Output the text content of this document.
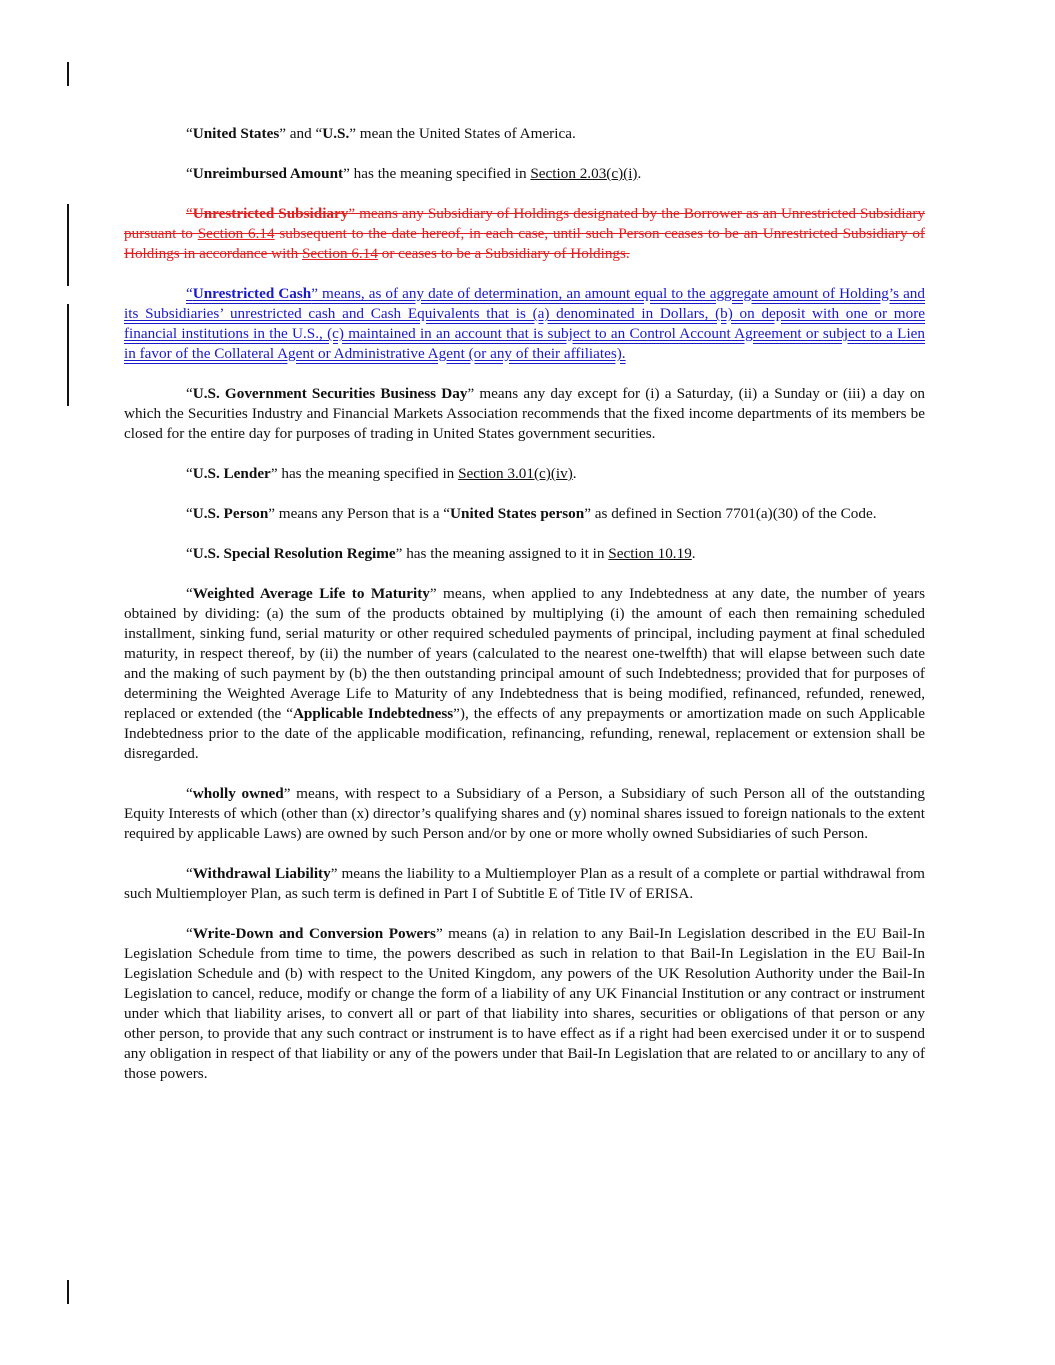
“United States” and “U.S.” mean the United States of America.

“Unreimbursed Amount” has the meaning specified in Section 2.03(c)(i).

“Unrestricted Subsidiary” means any Subsidiary of Holdings designated by the Borrower as an Unrestricted Subsidiary pursuant to Section 6.14 subsequent to the date hereof, in each case, until such Person ceases to be an Unrestricted Subsidiary of Holdings in accordance with Section 6.14 or ceases to be a Subsidiary of Holdings.

“Unrestricted Cash” means, as of any date of determination, an amount equal to the aggregate amount of Holding’s and its Subsidiaries’ unrestricted cash and Cash Equivalents that is (a) denominated in Dollars, (b) on deposit with one or more financial institutions in the U.S., (c) maintained in an account that is subject to an Control Account Agreement or subject to a Lien in favor of the Collateral Agent or Administrative Agent (or any of their affiliates).

“U.S. Government Securities Business Day” means any day except for (i) a Saturday, (ii) a Sunday or (iii) a day on which the Securities Industry and Financial Markets Association recommends that the fixed income departments of its members be closed for the entire day for purposes of trading in United States government securities.

“U.S. Lender” has the meaning specified in Section 3.01(c)(iv).

“U.S. Person” means any Person that is a “United States person” as defined in Section 7701(a)(30) of the Code.

“U.S. Special Resolution Regime” has the meaning assigned to it in Section 10.19.

“Weighted Average Life to Maturity” means, when applied to any Indebtedness at any date, the number of years obtained by dividing: (a) the sum of the products obtained by multiplying (i) the amount of each then remaining scheduled installment, sinking fund, serial maturity or other required scheduled payments of principal, including payment at final scheduled maturity, in respect thereof, by (ii) the number of years (calculated to the nearest one-twelfth) that will elapse between such date and the making of such payment by (b) the then outstanding principal amount of such Indebtedness; provided that for purposes of determining the Weighted Average Life to Maturity of any Indebtedness that is being modified, refinanced, refunded, renewed, replaced or extended (the “Applicable Indebtedness”), the effects of any prepayments or amortization made on such Applicable Indebtedness prior to the date of the applicable modification, refinancing, refunding, renewal, replacement or extension shall be disregarded.

“wholly owned” means, with respect to a Subsidiary of a Person, a Subsidiary of such Person all of the outstanding Equity Interests of which (other than (x) director’s qualifying shares and (y) nominal shares issued to foreign nationals to the extent required by applicable Laws) are owned by such Person and/or by one or more wholly owned Subsidiaries of such Person.

“Withdrawal Liability” means the liability to a Multiemployer Plan as a result of a complete or partial withdrawal from such Multiemployer Plan, as such term is defined in Part I of Subtitle E of Title IV of ERISA.

“Write-Down and Conversion Powers” means (a) in relation to any Bail-In Legislation described in the EU Bail-In Legislation Schedule from time to time, the powers described as such in relation to that Bail-In Legislation in the EU Bail-In Legislation Schedule and (b) with respect to the United Kingdom, any powers of the UK Resolution Authority under the Bail-In Legislation to cancel, reduce, modify or change the form of a liability of any UK Financial Institution or any contract or instrument under which that liability arises, to convert all or part of that liability into shares, securities or obligations of that person or any other person, to provide that any such contract or instrument is to have effect as if a right had been exercised under it or to suspend any obligation in respect of that liability or any of the powers under that Bail-In Legislation that are related to or ancillary to any of those powers.
